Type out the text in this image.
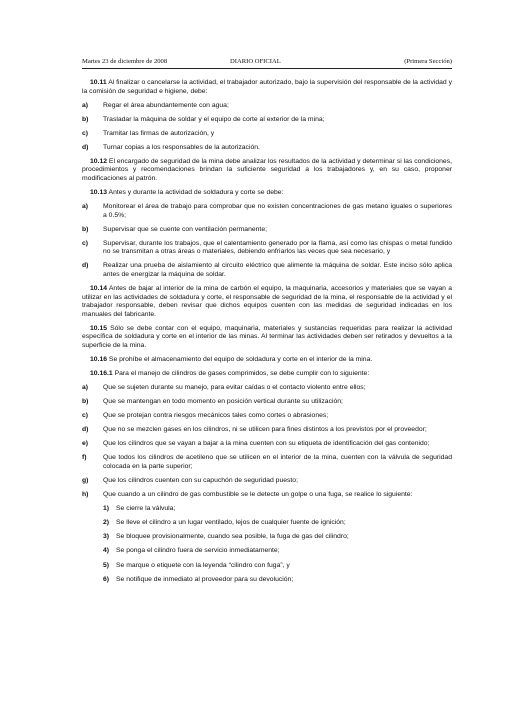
Martes 23 de diciembre de 2008	DIARIO OFICIAL	(Primera Sección)

10.11 Al finalizar o cancelarse la actividad, el trabajador autorizado, bajo la supervisión del responsable de la actividad y la comisión de seguridad e higiene, debe:

a)	Regar el área abundantemente con agua;
b)	Trasladar la máquina de soldar y el equipo de corte al exterior de la mina;
c)	Tramitar las firmas de autorización, y
d)	Turnar copias a los responsables de la autorización.

10.12 El encargado de seguridad de la mina debe analizar los resultados de la actividad y determinar si las condiciones, procedimientos y recomendaciones brindan la suficiente seguridad a los trabajadores y, en su caso, proponer modificaciones al patrón.

10.13 Antes y durante la actividad de soldadura y corte se debe:

a)	Monitorear el área de trabajo para comprobar que no existen concentraciones de gas metano iguales o superiores a 0.5%;
b)	Supervisar que se cuente con ventilación permanente;
c)	Supervisar, durante los trabajos, que el calentamiento generado por la flama, así como las chispas o metal fundido no se transmitan a otras áreas o materiales, debiendo enfriarlos las veces que sea necesario, y
d)	Realizar una prueba de aislamiento al circuito eléctrico que alimente la máquina de soldar. Este inciso sólo aplica antes de energizar la máquina de soldar.

10.14 Antes de bajar al interior de la mina de carbón el equipo, la maquinaria, accesorios y materiales que se vayan a utilizar en las actividades de soldadura y corte, el responsable de seguridad de la mina, el responsable de la actividad y el trabajador responsable, deben revisar que dichos equipos cuenten con las medidas de seguridad indicadas en los manuales del fabricante.

10.15 Sólo se debe contar con el equipo, maquinaria, materiales y sustancias requeridas para realizar la actividad específica de soldadura y corte en el interior de las minas. Al terminar las actividades deben ser retirados y devueltos a la superficie de la mina.

10.16 Se prohíbe el almacenamiento del equipo de soldadura y corte en el interior de la mina.

10.16.1 Para el manejo de cilindros de gases comprimidos, se debe cumplir con lo siguiente:

a)	Que se sujeten durante su manejo, para evitar caídas o el contacto violento entre ellos;
b)	Que se mantengan en todo momento en posición vertical durante su utilización;
c)	Que se protejan contra riesgos mecánicos tales como cortes o abrasiones;
d)	Que no se mezclen gases en los cilindros, ni se utilicen para fines distintos a los previstos por el proveedor;
e)	Que los cilindros que se vayan a bajar a la mina cuenten con su etiqueta de identificación del gas contenido;
f)	Que todos los cilindros de acetileno que se utilicen en el interior de la mina, cuenten con la válvula de seguridad colocada en la parte superior;
g)	Que los cilindros cuenten con su capuchón de seguridad puesto;
h)	Que cuando a un cilindro de gas combustible se le detecte un golpe o una fuga, se realice lo siguiente:
1)	Se cierre la válvula;
2)	Se lleve el cilindro a un lugar ventilado, lejos de cualquier fuente de ignición;
3)	Se bloquee provisionalmente, cuando sea posible, la fuga de gas del cilindro;
4)	Se ponga el cilindro fuera de servicio inmediatamente;
5)	Se marque o etiquete con la leyenda “cilindro con fuga”, y
6)	Se notifique de inmediato al proveedor para su devolución;
